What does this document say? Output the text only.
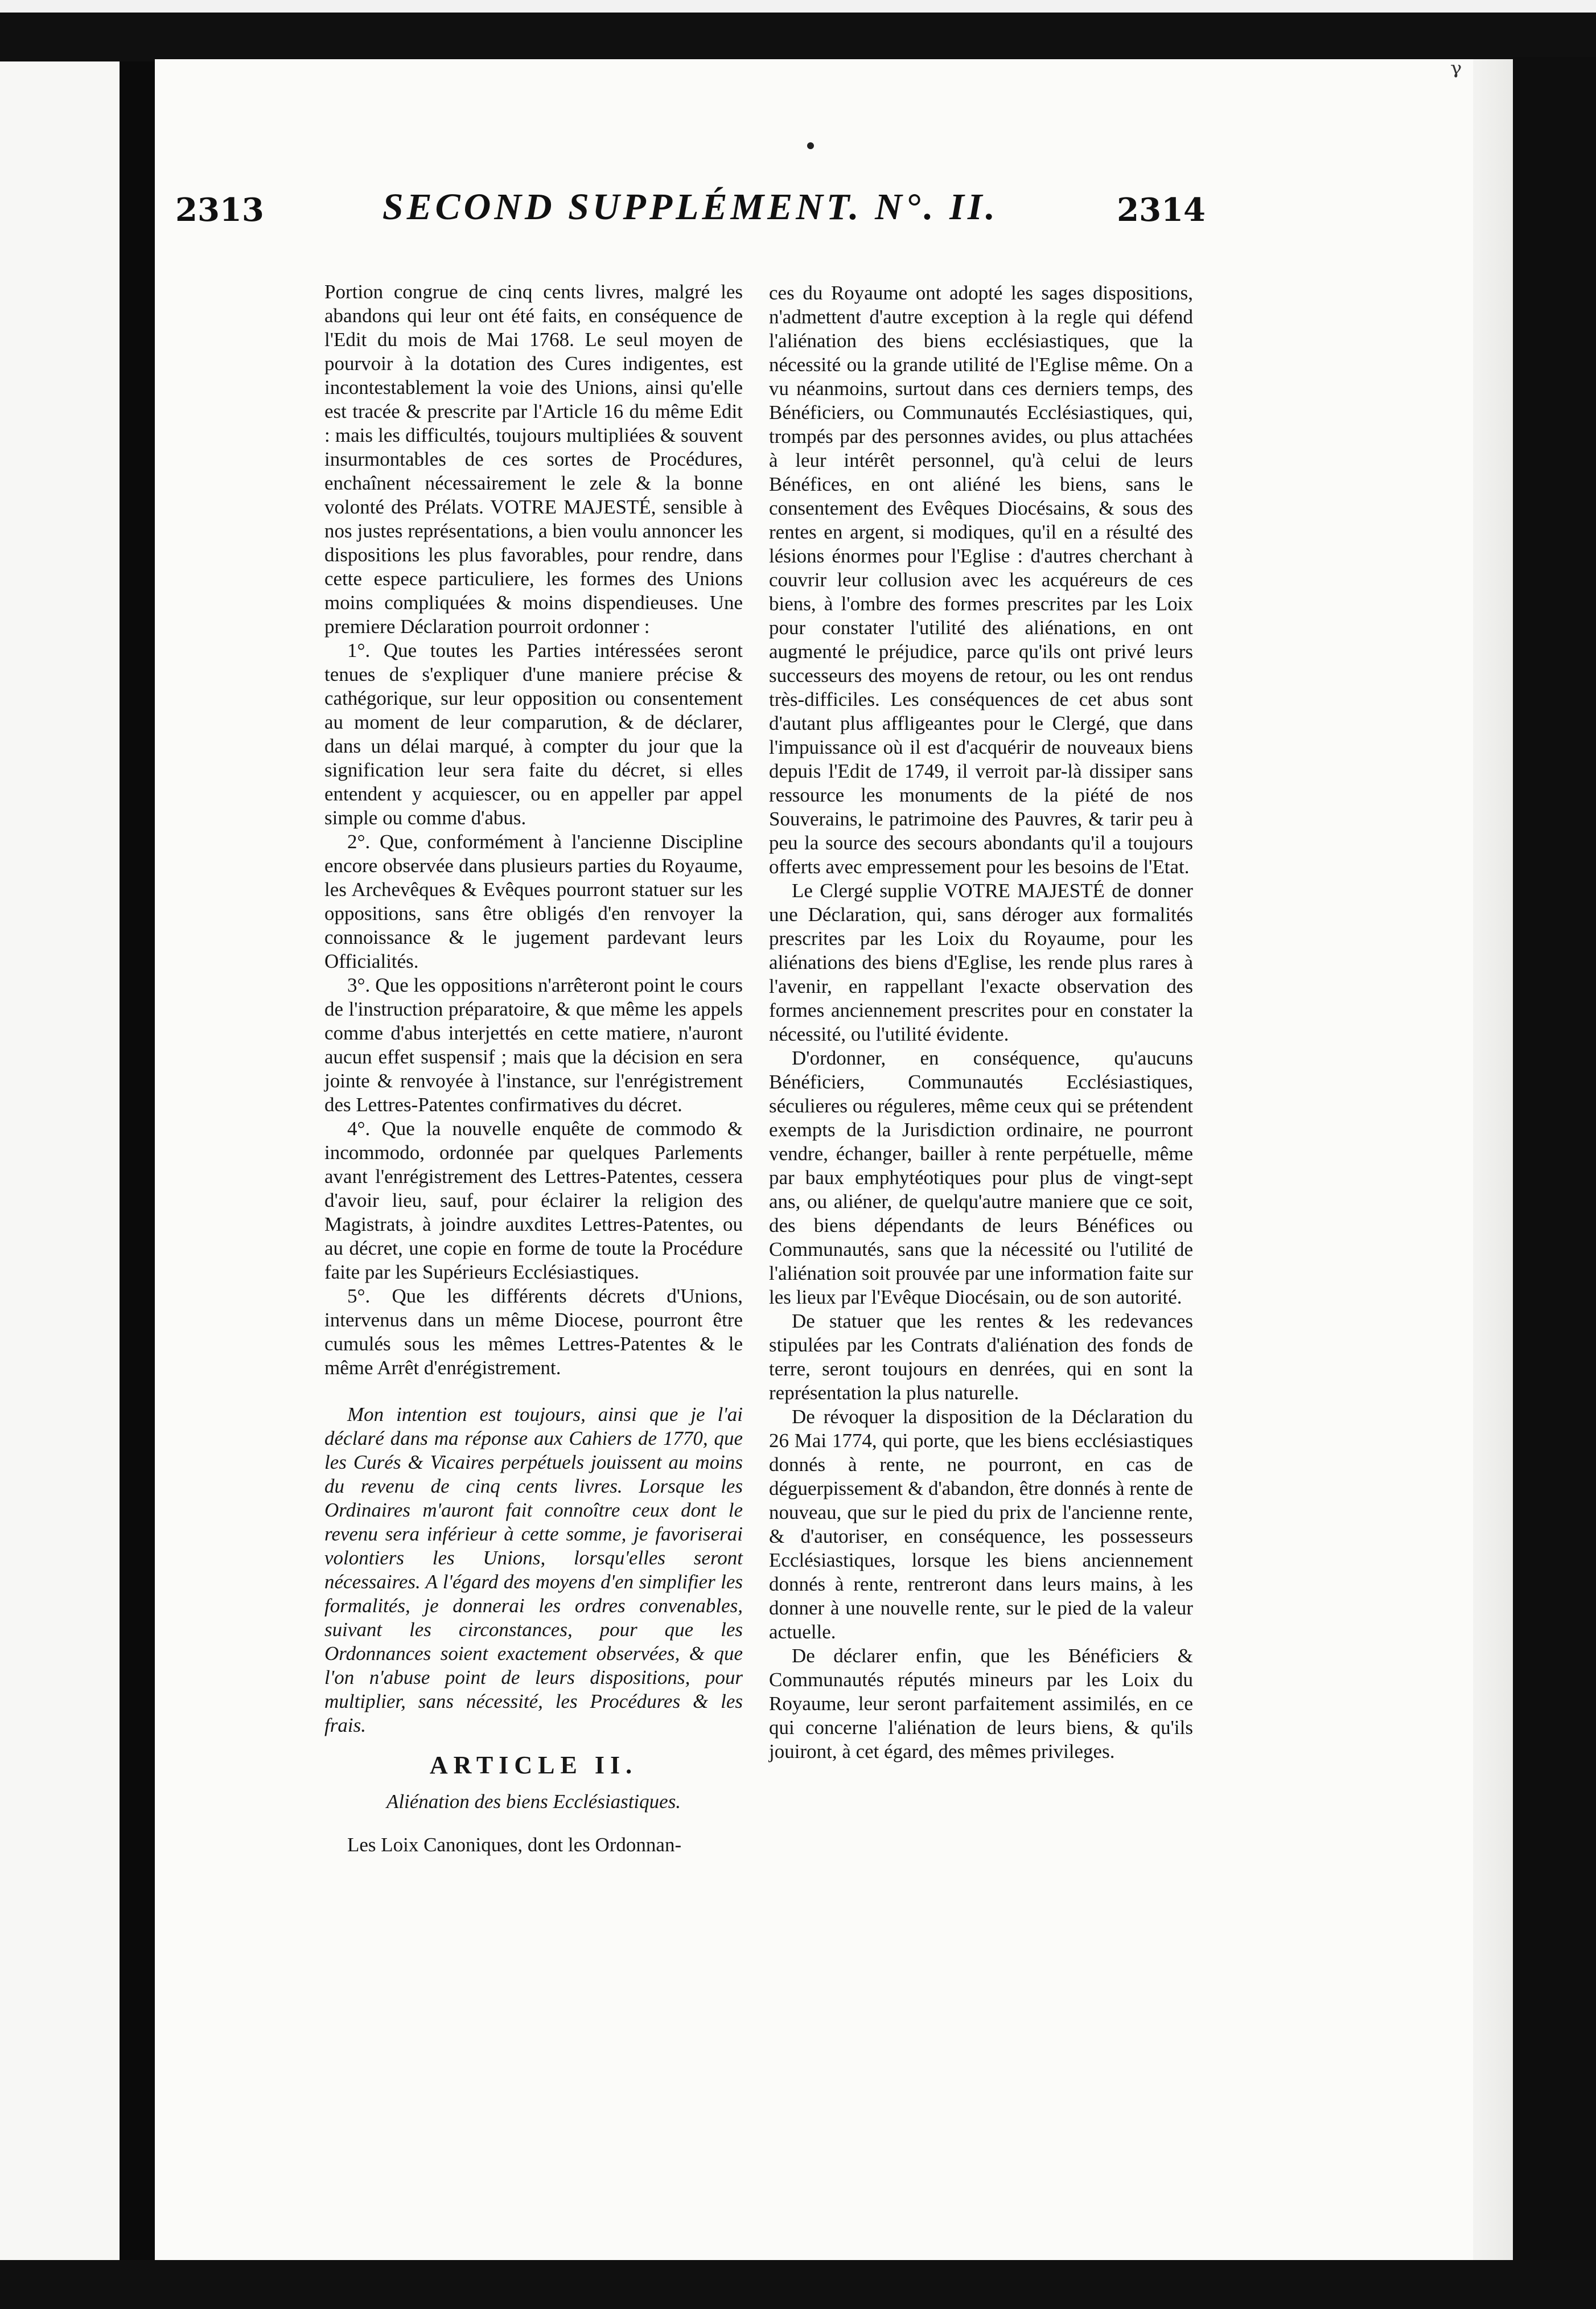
ᵞ
2313	SECOND SUPPLÉMENT. N°. II.	2314

Portion congrue de cinq cents livres, malgré les abandons qui leur ont été faits, en conséquence de l'Edit du mois de Mai 1768. Le seul moyen de pourvoir à la dotation des Cures indigentes, est incontestablement la voie des Unions, ainsi qu'elle est tracée & prescrite par l'Article 16 du même Edit : mais les difficultés, toujours multipliées & souvent insurmontables de ces sortes de Procédures, enchaînent nécessairement le zele & la bonne volonté des Prélats. VOTRE MAJESTÉ, sensible à nos justes représentations, a bien voulu annoncer les dispositions les plus favorables, pour rendre, dans cette espece particuliere, les formes des Unions moins compliquées & moins dispendieuses. Une premiere Déclaration pourroit ordonner :

1°. Que toutes les Parties intéressées seront tenues de s'expliquer d'une maniere précise & cathégorique, sur leur opposition ou consentement au moment de leur comparution, & de déclarer, dans un délai marqué, à compter du jour que la signification leur sera faite du décret, si elles entendent y acquiescer, ou en appeller par appel simple ou comme d'abus.

2°. Que, conformément à l'ancienne Discipline encore observée dans plusieurs parties du Royaume, les Archevêques & Evêques pourront statuer sur les oppositions, sans être obligés d'en renvoyer la connoissance & le jugement pardevant leurs Officialités.

3°. Que les oppositions n'arrêteront point le cours de l'instruction préparatoire, & que même les appels comme d'abus interjettés en cette matiere, n'auront aucun effet suspensif ; mais que la décision en sera jointe & renvoyée à l'instance, sur l'enrégistrement des Lettres-Patentes confirmatives du décret.

4°. Que la nouvelle enquête de commodo & incommodo, ordonnée par quelques Parlements avant l'enrégistrement des Lettres-Patentes, cessera d'avoir lieu, sauf, pour éclairer la religion des Magistrats, à joindre auxdites Lettres-Patentes, ou au décret, une copie en forme de toute la Procédure faite par les Supérieurs Ecclésiastiques.

5°. Que les différents décrets d'Unions, intervenus dans un même Diocese, pourront être cumulés sous les mêmes Lettres-Patentes & le même Arrêt d'enrégistrement.

Mon intention est toujours, ainsi que je l'ai déclaré dans ma réponse aux Cahiers de 1770, que les Curés & Vicaires perpétuels jouissent au moins du revenu de cinq cents livres. Lorsque les Ordinaires m'auront fait connoître ceux dont le revenu sera inférieur à cette somme, je favoriserai volontiers les Unions, lorsqu'elles seront nécessaires. A l'égard des moyens d'en simplifier les formalités, je donnerai les ordres convenables, suivant les circonstances, pour que les Ordonnances soient exactement observées, & que l'on n'abuse point de leurs dispositions, pour multiplier, sans nécessité, les Procédures & les frais.

ARTICLE II.
Aliénation des biens Ecclésiastiques.

Les Loix Canoniques, dont les Ordonnan-

ces du Royaume ont adopté les sages dispositions, n'admettent d'autre exception à la regle qui défend l'aliénation des biens ecclésiastiques, que la nécessité ou la grande utilité de l'Eglise même. On a vu néanmoins, surtout dans ces derniers temps, des Bénéficiers, ou Communautés Ecclésiastiques, qui, trompés par des personnes avides, ou plus attachées à leur intérêt personnel, qu'à celui de leurs Bénéfices, en ont aliéné les biens, sans le consentement des Evêques Diocésains, & sous des rentes en argent, si modiques, qu'il en a résulté des lésions énormes pour l'Eglise : d'autres cherchant à couvrir leur collusion avec les acquéreurs de ces biens, à l'ombre des formes prescrites par les Loix pour constater l'utilité des aliénations, en ont augmenté le préjudice, parce qu'ils ont privé leurs successeurs des moyens de retour, ou les ont rendus très-difficiles. Les conséquences de cet abus sont d'autant plus affligeantes pour le Clergé, que dans l'impuissance où il est d'acquérir de nouveaux biens depuis l'Edit de 1749, il verroit par-là dissiper sans ressource les monuments de la piété de nos Souverains, le patrimoine des Pauvres, & tarir peu à peu la source des secours abondants qu'il a toujours offerts avec empressement pour les besoins de l'Etat.

Le Clergé supplie VOTRE MAJESTÉ de donner une Déclaration, qui, sans déroger aux formalités prescrites par les Loix du Royaume, pour les aliénations des biens d'Eglise, les rende plus rares à l'avenir, en rappellant l'exacte observation des formes anciennement prescrites pour en constater la nécessité, ou l'utilité évidente.

D'ordonner, en conséquence, qu'aucuns Bénéficiers, Communautés Ecclésiastiques, séculieres ou réguleres, même ceux qui se prétendent exempts de la Jurisdiction ordinaire, ne pourront vendre, échanger, bailler à rente perpétuelle, même par baux emphytéotiques pour plus de vingt-sept ans, ou aliéner, de quelqu'autre maniere que ce soit, des biens dépendants de leurs Bénéfices ou Communautés, sans que la nécessité ou l'utilité de l'aliénation soit prouvée par une information faite sur les lieux par l'Evêque Diocésain, ou de son autorité.

De statuer que les rentes & les redevances stipulées par les Contrats d'aliénation des fonds de terre, seront toujours en denrées, qui en sont la représentation la plus naturelle.

De révoquer la disposition de la Déclaration du 26 Mai 1774, qui porte, que les biens ecclésiastiques donnés à rente, ne pourront, en cas de déguerpissement & d'abandon, être donnés à rente de nouveau, que sur le pied du prix de l'ancienne rente, & d'autoriser, en conséquence, les possesseurs Ecclésiastiques, lorsque les biens anciennement donnés à rente, rentreront dans leurs mains, à les donner à une nouvelle rente, sur le pied de la valeur actuelle.

De déclarer enfin, que les Bénéficiers & Communautés réputés mineurs par les Loix du Royaume, leur seront parfaitement assimilés, en ce qui concerne l'aliénation de leurs biens, & qu'ils jouiront, à cet égard, des mêmes privileges.
